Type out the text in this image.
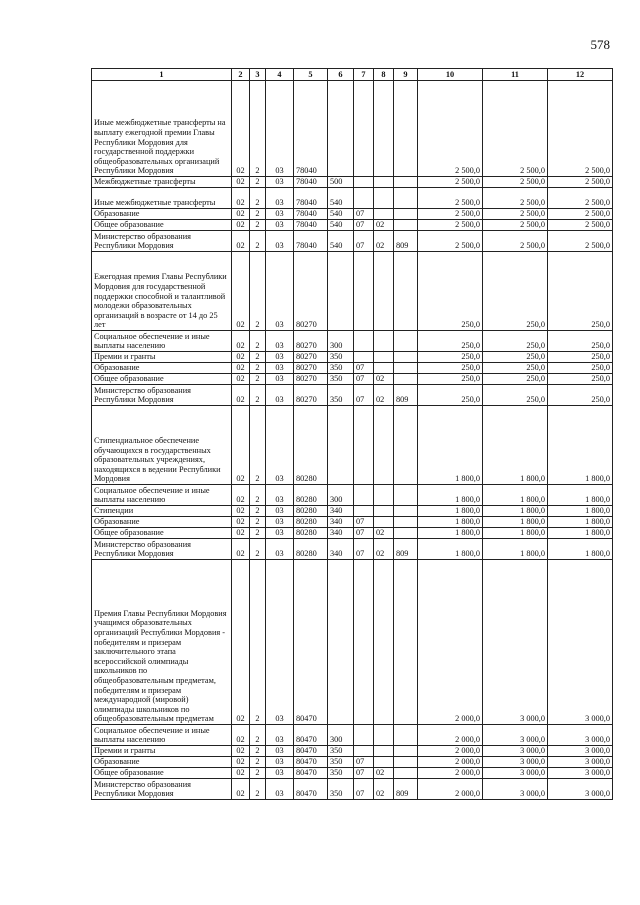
578
1	2	3	4	5	6	7	8	9	10	11	12
Иные межбюджетные трансферты на выплату ежегодной премии Главы Республики Мордовия для государственной поддержки общеобразовательных организаций Республики Мордовия	02	2	03	78040					2 500,0	2 500,0	2 500,0
Межбюджетные трансферты	02	2	03	78040	500				2 500,0	2 500,0	2 500,0
Иные межбюджетные трансферты	02	2	03	78040	540				2 500,0	2 500,0	2 500,0
Образование	02	2	03	78040	540	07			2 500,0	2 500,0	2 500,0
Общее образование	02	2	03	78040	540	07	02		2 500,0	2 500,0	2 500,0
Министерство образования Республики Мордовия	02	2	03	78040	540	07	02	809	2 500,0	2 500,0	2 500,0
Ежегодная премия Главы Республики Мордовия для государственной поддержки способной и талантливой молодежи образовательных организаций в возрасте от 14 до 25 лет	02	2	03	80270					250,0	250,0	250,0
Социальное обеспечение и иные выплаты населению	02	2	03	80270	300				250,0	250,0	250,0
Премии и гранты	02	2	03	80270	350				250,0	250,0	250,0
Образование	02	2	03	80270	350	07			250,0	250,0	250,0
Общее образование	02	2	03	80270	350	07	02		250,0	250,0	250,0
Министерство образования Республики Мордовия	02	2	03	80270	350	07	02	809	250,0	250,0	250,0
Стипендиальное обеспечение обучающихся в государственных образовательных учреждениях, находящихся в ведении Республики Мордовия	02	2	03	80280					1 800,0	1 800,0	1 800,0
Социальное обеспечение и иные выплаты населению	02	2	03	80280	300				1 800,0	1 800,0	1 800,0
Стипендии	02	2	03	80280	340				1 800,0	1 800,0	1 800,0
Образование	02	2	03	80280	340	07			1 800,0	1 800,0	1 800,0
Общее образование	02	2	03	80280	340	07	02		1 800,0	1 800,0	1 800,0
Министерство образования Республики Мордовия	02	2	03	80280	340	07	02	809	1 800,0	1 800,0	1 800,0
Премия Главы Республики Мордовия учащимся образовательных организаций Республики Мордовия - победителям и призерам заключительного этапа всероссийской олимпиады школьников по общеобразовательным предметам, победителям и призерам международной (мировой) олимпиады школьников по общеобразовательным предметам	02	2	03	80470					2 000,0	3 000,0	3 000,0
Социальное обеспечение и иные выплаты населению	02	2	03	80470	300				2 000,0	3 000,0	3 000,0
Премии и гранты	02	2	03	80470	350				2 000,0	3 000,0	3 000,0
Образование	02	2	03	80470	350	07			2 000,0	3 000,0	3 000,0
Общее образование	02	2	03	80470	350	07	02		2 000,0	3 000,0	3 000,0
Министерство образования Республики Мордовия	02	2	03	80470	350	07	02	809	2 000,0	3 000,0	3 000,0
